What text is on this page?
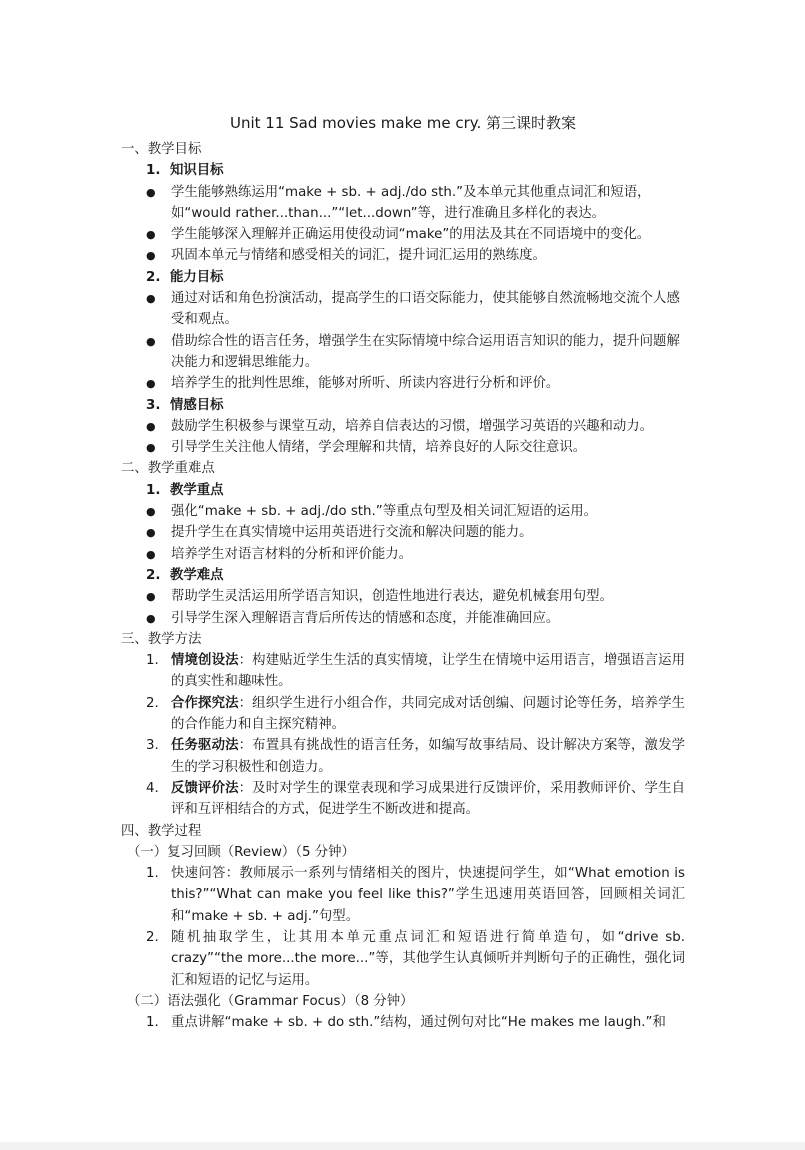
Unit 11 Sad movies make me cry. 第三课时教案
一、教学目标
1. 知识目标
●	学生能够熟练运用“make + sb. + adj./do sth.”及本单元其他重点词汇和短语，如“would rather...than...”“let...down”等，进行准确且多样化的表达。
●	学生能够深入理解并正确运用使役动词“make”的用法及其在不同语境中的变化。
●	巩固本单元与情绪和感受相关的词汇，提升词汇运用的熟练度。
2. 能力目标
●	通过对话和角色扮演活动，提高学生的口语交际能力，使其能够自然流畅地交流个人感受和观点。
●	借助综合性的语言任务，增强学生在实际情境中综合运用语言知识的能力，提升问题解决能力和逻辑思维能力。
●	培养学生的批判性思维，能够对所听、所读内容进行分析和评价。
3. 情感目标
●	鼓励学生积极参与课堂互动，培养自信表达的习惯，增强学习英语的兴趣和动力。
●	引导学生关注他人情绪，学会理解和共情，培养良好的人际交往意识。
二、教学重难点
1. 教学重点
●	强化“make + sb. + adj./do sth.”等重点句型及相关词汇短语的运用。
●	提升学生在真实情境中运用英语进行交流和解决问题的能力。
●	培养学生对语言材料的分析和评价能力。
2. 教学难点
●	帮助学生灵活运用所学语言知识，创造性地进行表达，避免机械套用句型。
●	引导学生深入理解语言背后所传达的情感和态度，并能准确回应。
三、教学方法
1. 情境创设法：构建贴近学生生活的真实情境，让学生在情境中运用语言，增强语言运用的真实性和趣味性。
2. 合作探究法：组织学生进行小组合作，共同完成对话创编、问题讨论等任务，培养学生的合作能力和自主探究精神。
3. 任务驱动法：布置具有挑战性的语言任务，如编写故事结局、设计解决方案等，激发学生的学习积极性和创造力。
4. 反馈评价法：及时对学生的课堂表现和学习成果进行反馈评价，采用教师评价、学生自评和互评相结合的方式，促进学生不断改进和提高。
四、教学过程
（一）复习回顾（Review）（5 分钟）
1. 快速问答：教师展示一系列与情绪相关的图片，快速提问学生，如“What emotion is this?”“What can make you feel like this?”学生迅速用英语回答，回顾相关词汇和“make + sb. + adj.”句型。
2. 随机抽取学生，让其用本单元重点词汇和短语进行简单造句，如“drive sb. crazy”“the more...the more...”等，其他学生认真倾听并判断句子的正确性，强化词汇和短语的记忆与运用。
（二）语法强化（Grammar Focus）（8 分钟）
1. 重点讲解“make + sb. + do sth.”结构，通过例句对比“He makes me laugh.”和
